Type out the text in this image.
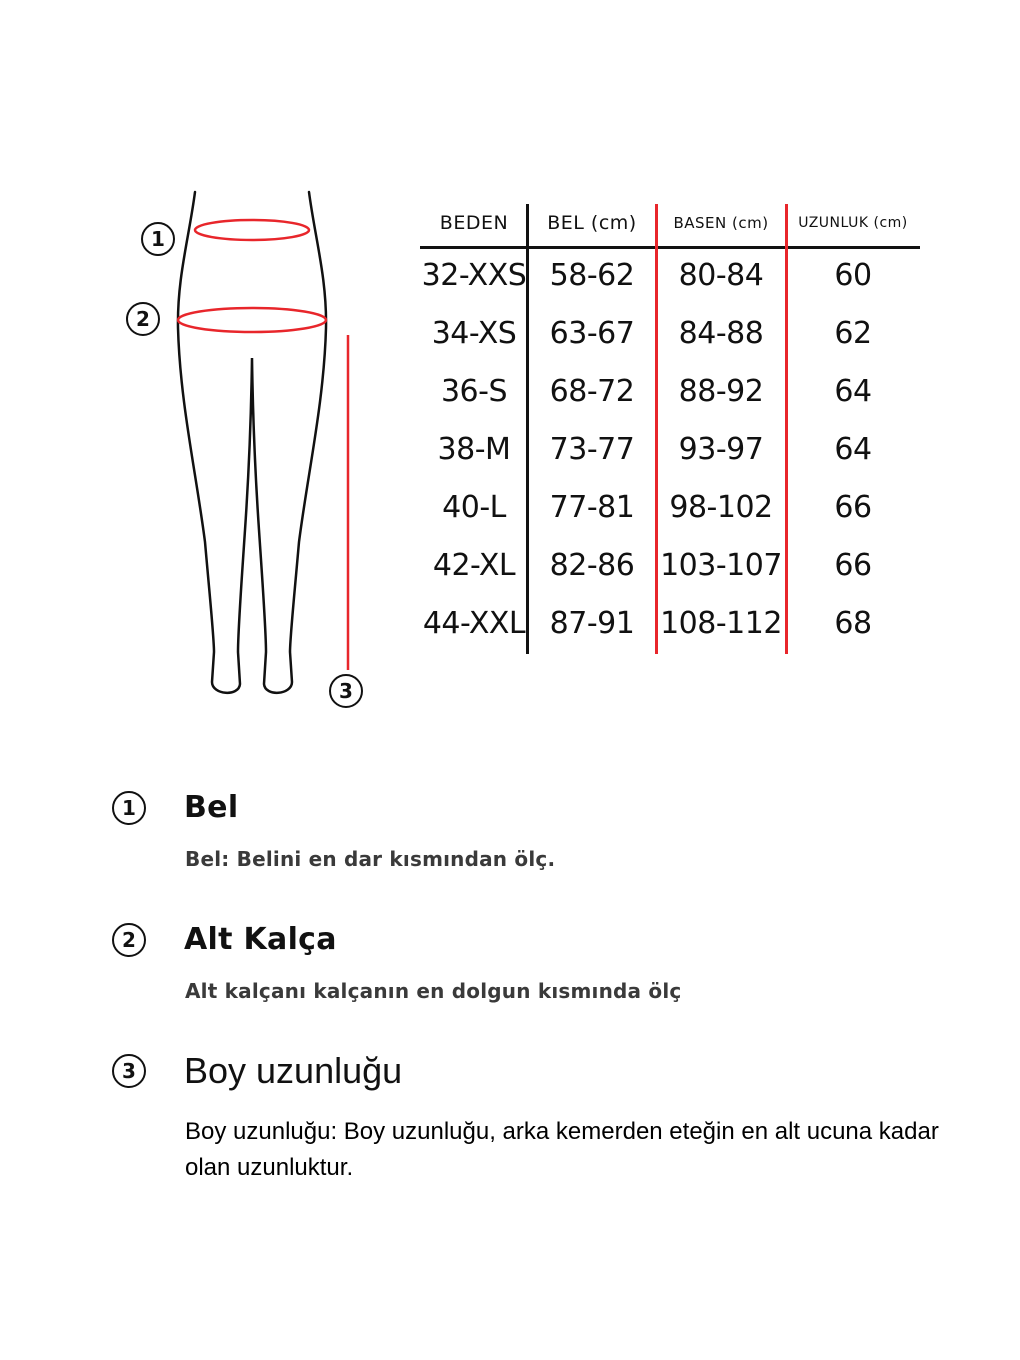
1
2
3
BEDEN	BEL (cm)	BASEN (cm)	UZUNLUK (cm)
32-XXS 58-62	80-84	60
34-XS	63-67	84-88	62
36-S	68-72	88-92	64
38-M	73-77	93-97	64
40-L	77-81	98-102	66
42-XL	82-86 103-107	66
44-XXL 87-91 108-112	68
1	Bel
Bel: Belini en dar kısmından ölç.
2	Alt Kalça
Alt kalçanı kalçanın en dolgun kısmında ölç
3 Boy uzunluğu
Boy uzunluğu: Boy uzunluğu, arka kemerden eteğin en alt ucuna kadar olan uzunluktur.
